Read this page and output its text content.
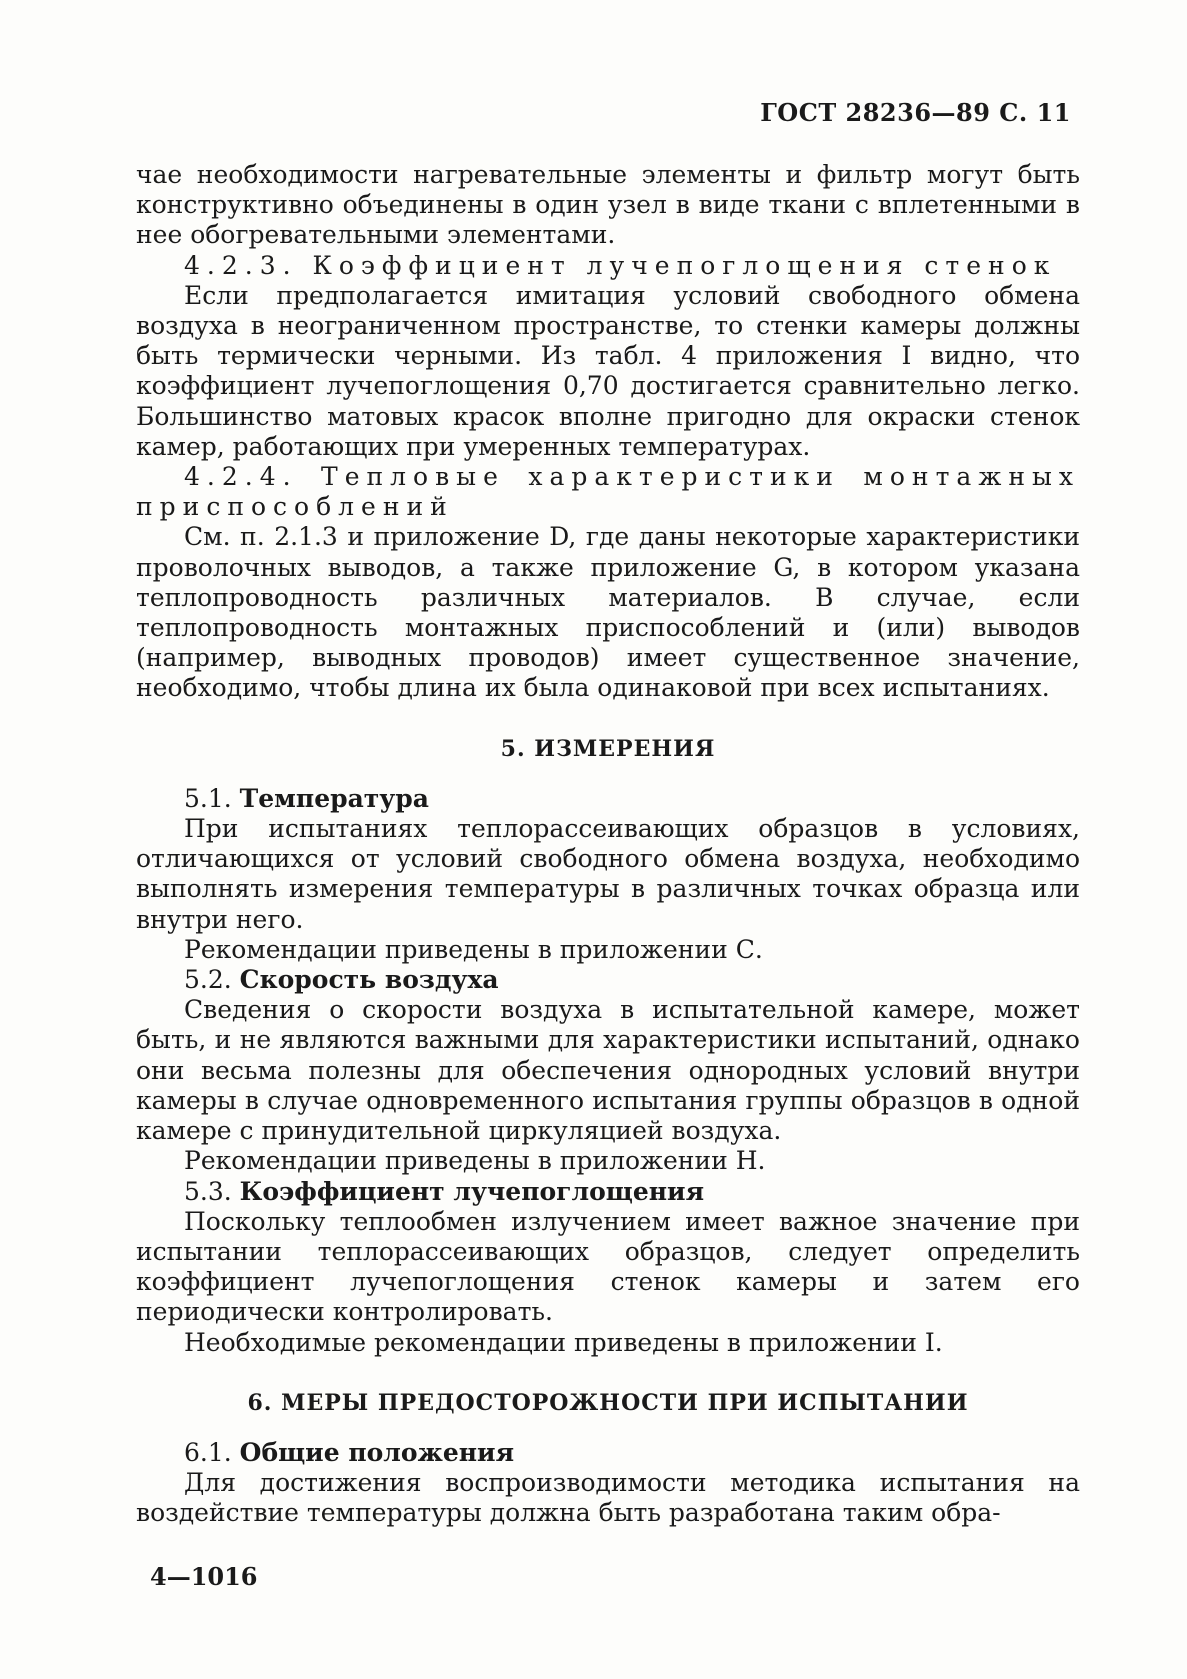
ГОСТ 28236—89 С. 11

чае необходимости нагревательные элементы и фильтр могут быть конструктивно объединены в один узел в виде ткани с вплетенными в нее обогревательными элементами.

4.2.3. Коэффициент лучепоглощения стенок

Если предполагается имитация условий свободного обмена воздуха в неограниченном пространстве, то стенки камеры должны быть термически черными. Из табл. 4 приложения I видно, что коэффициент лучепоглощения 0,70 достигается сравнительно легко. Большинство матовых красок вполне пригодно для окраски стенок камер, работающих при умеренных температурах.

4.2.4. Тепловые характеристики монтажных приспособлений

См. п. 2.1.3 и приложение D, где даны некоторые характеристики проволочных выводов, а также приложение G, в котором указана теплопроводность различных материалов. В случае, если теплопроводность монтажных приспособлений и (или) выводов (например, выводных проводов) имеет существенное значение, необходимо, чтобы длина их была одинаковой при всех испытаниях.

5. ИЗМЕРЕНИЯ

5.1. Температура

При испытаниях теплорассеивающих образцов в условиях, отличающихся от условий свободного обмена воздуха, необходимо выполнять измерения температуры в различных точках образца или внутри него.

Рекомендации приведены в приложении С.

5.2. Скорость воздуха

Сведения о скорости воздуха в испытательной камере, может быть, и не являются важными для характеристики испытаний, однако они весьма полезны для обеспечения однородных условий внутри камеры в случае одновременного испытания группы образцов в одной камере с принудительной циркуляцией воздуха.

Рекомендации приведены в приложении Н.

5.3. Коэффициент лучепоглощения

Поскольку теплообмен излучением имеет важное значение при испытании теплорассеивающих образцов, следует определить коэффициент лучепоглощения стенок камеры и затем его периодически контролировать.

Необходимые рекомендации приведены в приложении I.

6. МЕРЫ ПРЕДОСТОРОЖНОСТИ ПРИ ИСПЫТАНИИ

6.1. Общие положения

Для достижения воспроизводимости методика испытания на воздействие температуры должна быть разработана таким обра-

4—1016
